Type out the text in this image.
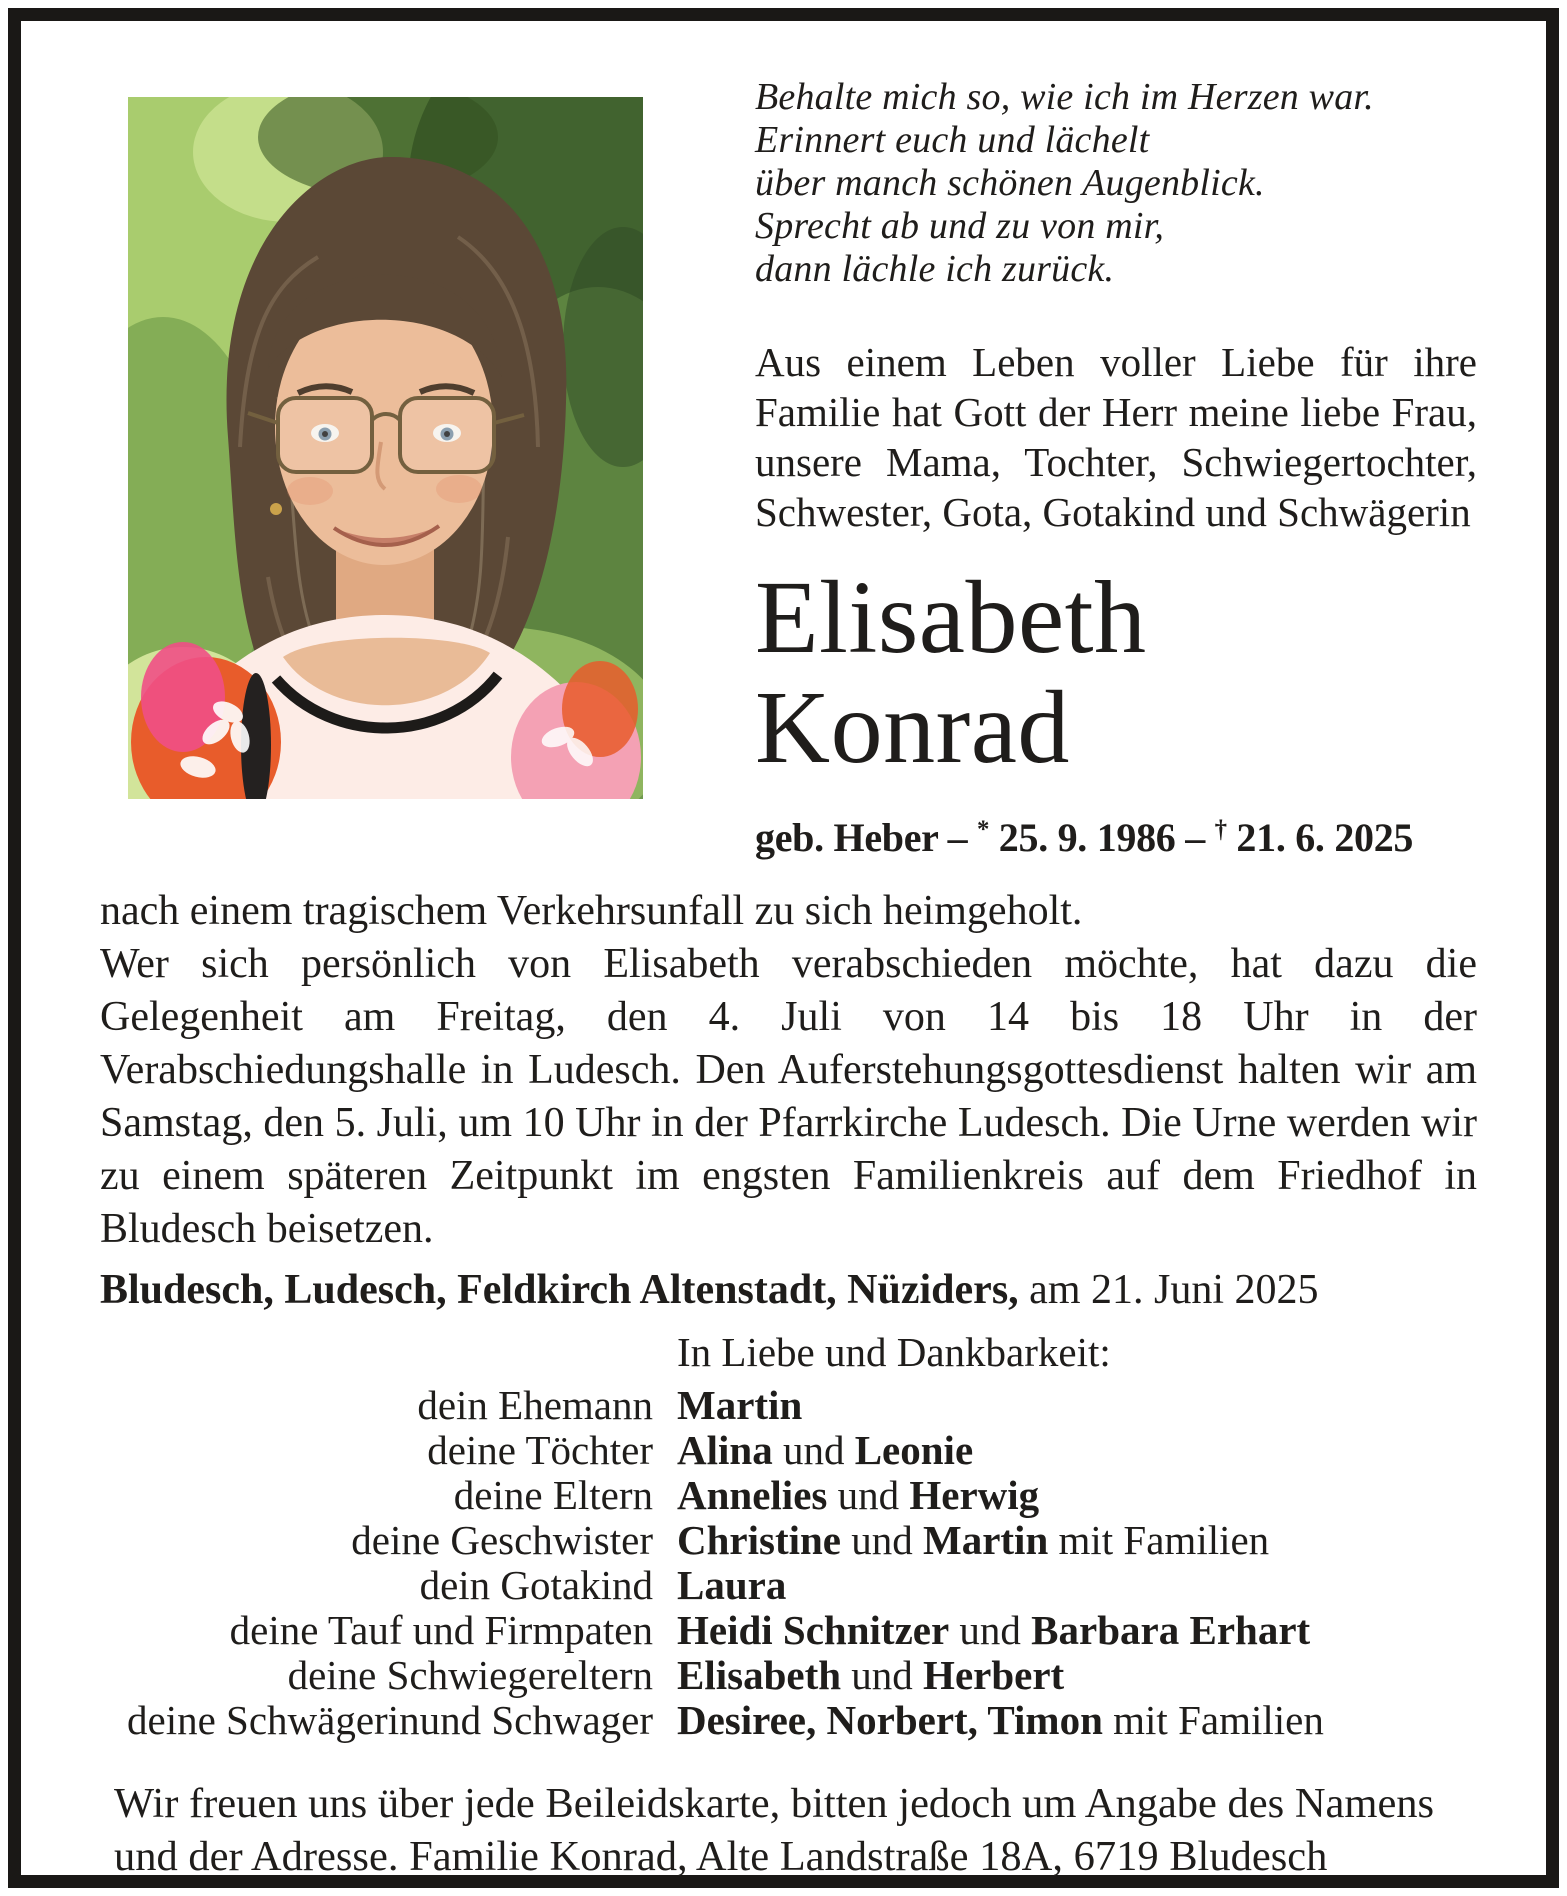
Behalte mich so, wie ich im Herzen war.
Erinnert euch und lächelt
über manch schönen Augenblick.
Sprecht ab und zu von mir,
dann lächle ich zurück.
Aus einem Leben voller Liebe für ihre Familie hat Gott der Herr meine liebe Frau, unsere Mama, Tochter, Schwiegertochter, Schwester, Gota, Gotakind und Schwägerin
Elisabeth
Konrad
geb. Heber – * 25. 9. 1986 – † 21. 6. 2025

nach einem tragischem Verkehrsunfall zu sich heimgeholt.
Wer sich persönlich von Elisabeth verabschieden möchte, hat dazu die Gelegenheit am Freitag, den 4. Juli von 14 bis 18 Uhr in der Verabschiedungshalle in Ludesch. Den Auferstehungsgottesdienst halten wir am Samstag, den 5. Juli, um 10 Uhr in der Pfarrkirche Ludesch. Die Urne werden wir zu einem späteren Zeitpunkt im engsten Familienkreis auf dem Friedhof in Bludesch beisetzen.

Bludesch, Ludesch, Feldkirch Altenstadt, Nüziders, am 21. Juni 2025
In Liebe und Dankbarkeit:
dein Ehemann Martin
deine Töchter Alina und Leonie
deine Eltern Annelies und Herwig
deine Geschwister Christine und Martin mit Familien
dein Gotakind Laura
deine Tauf und Firmpaten Heidi Schnitzer und Barbara Erhart
deine Schwiegereltern Elisabeth und Herbert
deine Schwägerinund Schwager Desiree, Norbert, Timon mit Familien
Wir freuen uns über jede Beileidskarte, bitten jedoch um Angabe des Namens und der Adresse. Familie Konrad, Alte Landstraße 18A, 6719 Bludesch
